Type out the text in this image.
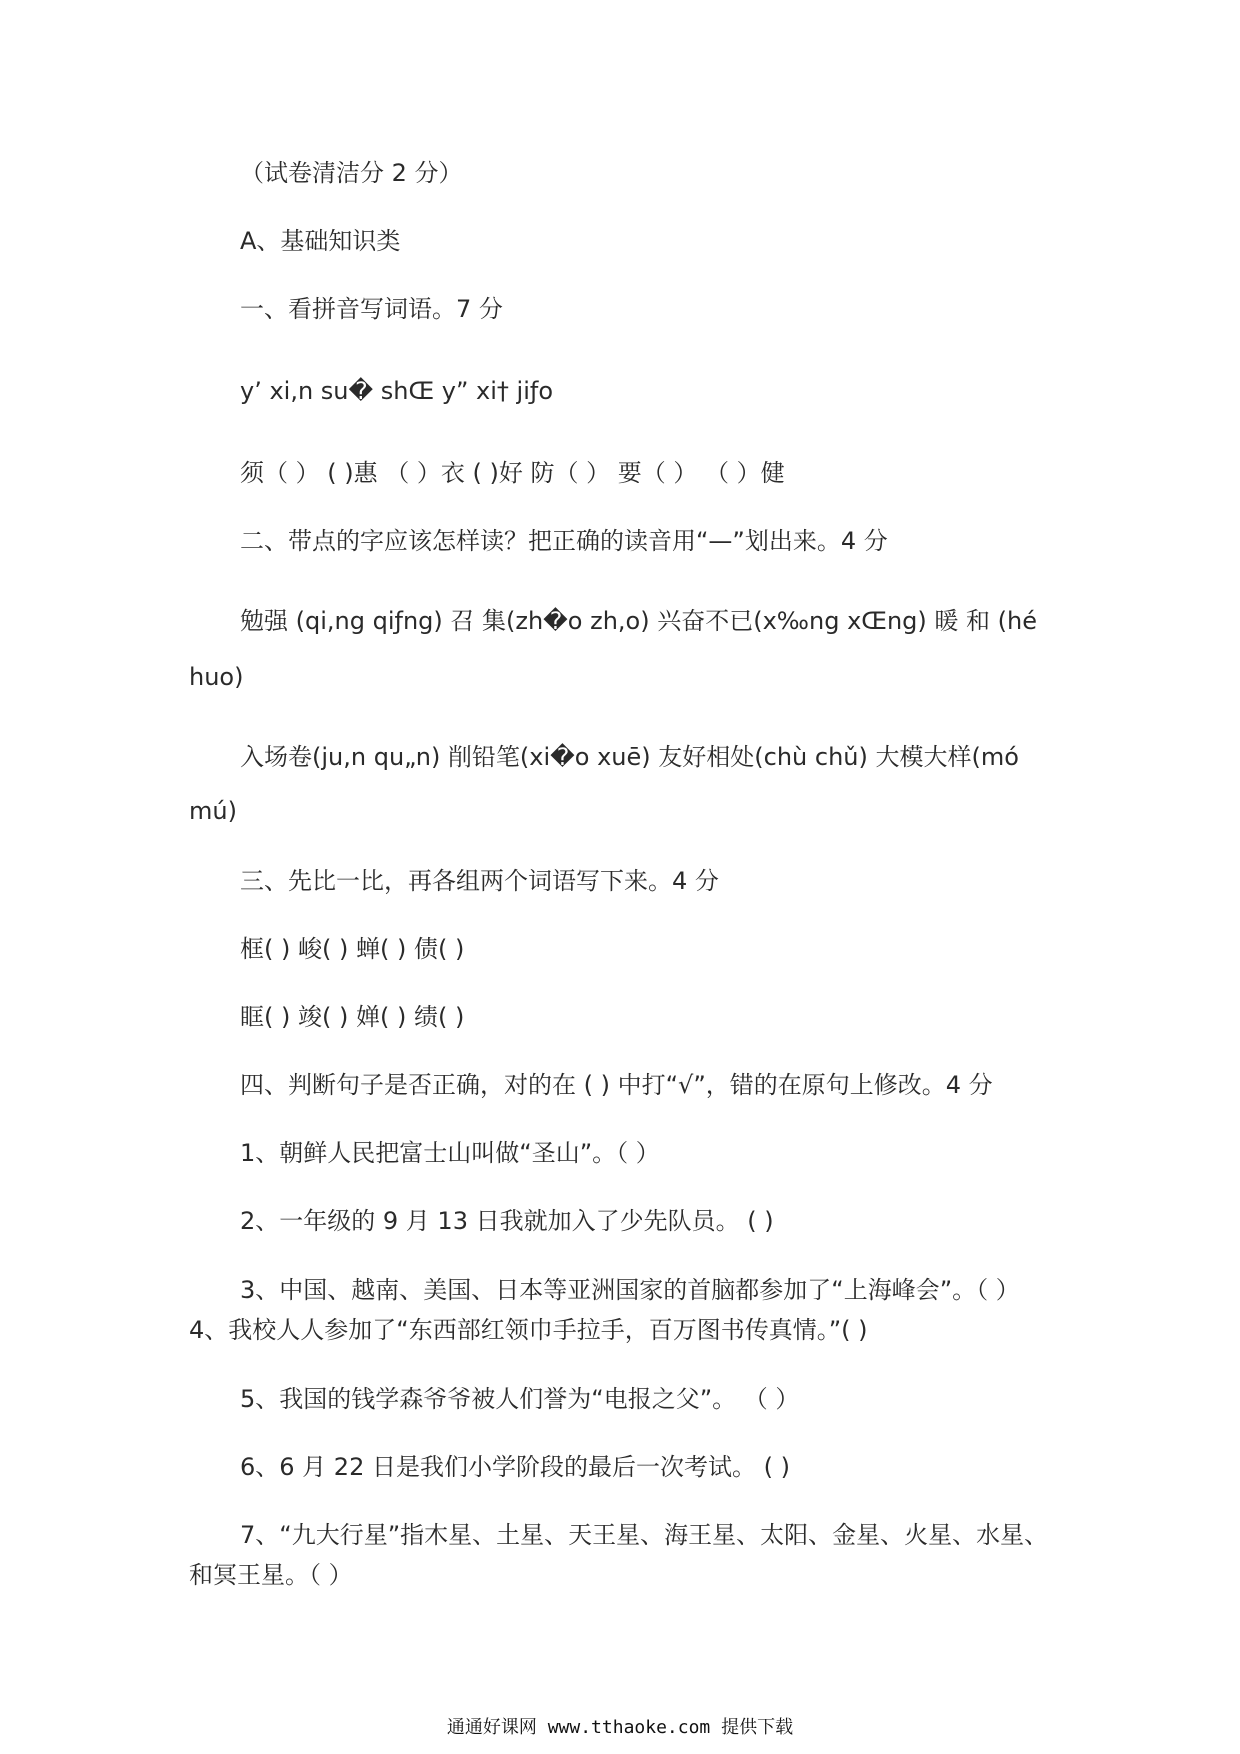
（试卷清洁分 2 分）

A、基础知识类

一、看拼音写词语。7 分

y’ xi,n su� shŒ y” xi† jiƒo

须（ ） ( )惠 （ ）衣 ( )好 防（ ） 要（ ） （ ）健

二、带点的字应该怎样读？把正确的读音用“—”划出来。4 分

勉强 (qi,ng qiƒng) 召 集(zh�o zh,o) 兴奋不已(x‰ng xŒng) 暖 和 (hé

huo)

入场卷(ju,n qu„n) 削铅笔(xi�o xuē) 友好相处(chù chǔ) 大模大样(mó

mú)

三、先比一比，再各组两个词语写下来。4 分

框( ) 峻( ) 蝉( ) 债( )

眶( ) 竣( ) 婵( ) 绩( )

四、判断句子是否正确，对的在 ( ) 中打“√”，错的在原句上修改。4 分

1、朝鲜人民把富士山叫做“圣山”。（ ）

2、一年级的 9 月 13 日我就加入了少先队员。 ( )

3、中国、越南、美国、日本等亚洲国家的首脑都参加了“上海峰会”。（ ）

4、我校人人参加了“东西部红领巾手拉手，百万图书传真情。”( )

5、我国的钱学森爷爷被人们誉为“电报之父”。 （ ）

6、6 月 22 日是我们小学阶段的最后一次考试。 ( )

7、“九大行星”指木星、土星、天王星、海王星、太阳、金星、火星、水星、

和冥王星。（ ）

通通好课网 www.tthaoke.com 提供下载
